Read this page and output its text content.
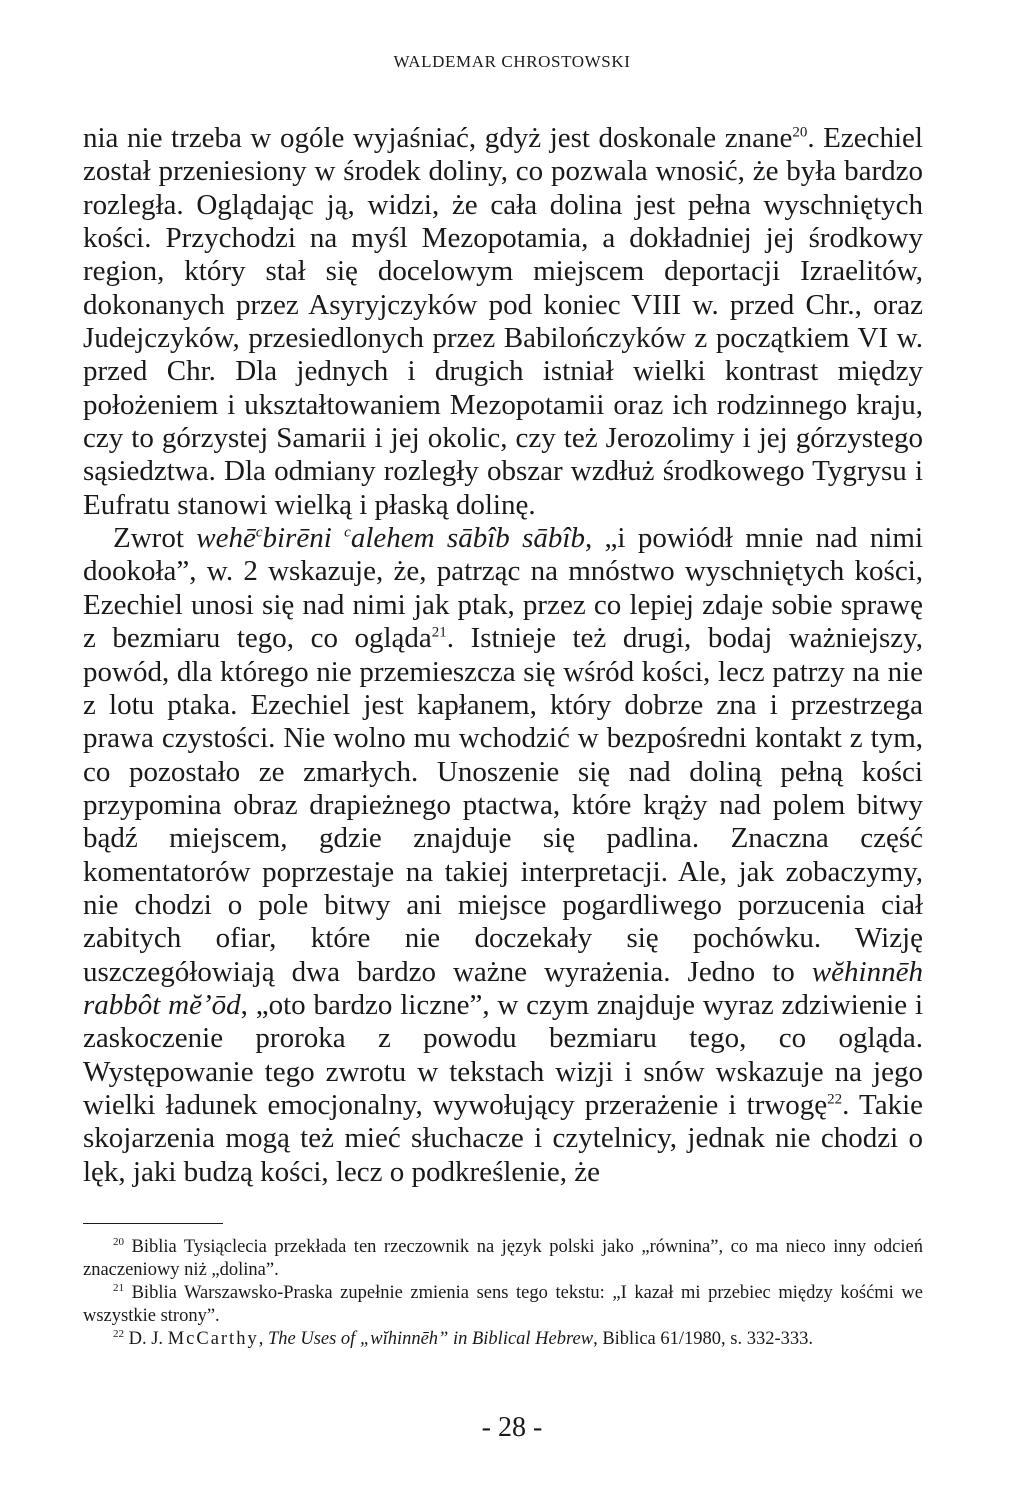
WALDEMAR CHROSTOWSKI

nia nie trzeba w ogóle wyjaśniać, gdyż jest doskonale znane$^{20}$. Ezechiel został przeniesiony w środek doliny, co pozwala wnosić, że była bardzo rozległa. Oglądając ją, widzi, że cała dolina jest pełna wyschniętych kości. Przychodzi na myśl Mezopotamia, a dokładniej jej środkowy region, który stał się docelowym miejscem deportacji Izraelitów, dokonanych przez Asyryjczyków pod koniec VIII w. przed Chr., oraz Judejczyków, przesiedlonych przez Babilończyków z początkiem VI w. przed Chr. Dla jednych i drugich istniał wielki kontrast między położeniem i ukształtowaniem Mezopotamii oraz ich rodzinnego kraju, czy to górzystej Samarii i jej okolic, czy też Jerozolimy i jej górzystego sąsiedztwa. Dla odmiany rozległy obszar wzdłuż środkowego Tygrysu i Eufratu stanowi wielką i płaską dolinę.

Zwrot wehē$^c$birēni $^c$alehem sābîb sābîb, „i powiódł mnie nad nimi dookoła”, w. 2 wskazuje, że, patrząc na mnóstwo wyschniętych kości, Ezechiel unosi się nad nimi jak ptak, przez co lepiej zdaje sobie sprawę z bezmiaru tego, co ogląda$^{21}$. Istnieje też drugi, bodaj ważniejszy, powód, dla którego nie przemieszcza się wśród kości, lecz patrzy na nie z lotu ptaka. Ezechiel jest kapłanem, który dobrze zna i przestrzega prawa czystości. Nie wolno mu wchodzić w bezpośredni kontakt z tym, co pozostało ze zmarłych. Unoszenie się nad doliną pełną kości przypomina obraz drapieżnego ptactwa, które krąży nad polem bitwy bądź miejscem, gdzie znajduje się padlina. Znaczna część komentatorów poprzestaje na takiej interpretacji. Ale, jak zobaczymy, nie chodzi o pole bitwy ani miejsce pogardliwego porzucenia ciał zabitych ofiar, które nie doczekały się pochówku. Wizję uszczegółowiają dwa bardzo ważne wyrażenia. Jedno to wĕhinnēh rabbôt mĕ’ōd, „oto bardzo liczne”, w czym znajduje wyraz zdziwienie i zaskoczenie proroka z powodu bezmiaru tego, co ogląda. Występowanie tego zwrotu w tekstach wizji i snów wskazuje na jego wielki ładunek emocjonalny, wywołujący przerażenie i trwogę$^{22}$. Takie skojarzenia mogą też mieć słuchacze i czytelnicy, jednak nie chodzi o lęk, jaki budzą kości, lecz o podkreślenie, że

$^{20}$ Biblia Tysiąclecia przekłada ten rzeczownik na język polski jako „równina”, co ma nieco inny odcień znaczeniowy niż „dolina”.

$^{21}$ Biblia Warszawsko-Praska zupełnie zmienia sens tego tekstu: „I kazał mi przebiec między kośćmi we wszystkie strony”.

$^{22}$ D. J. McCarthy, The Uses of „wĭhinnēh” in Biblical Hebrew, Biblica 61/1980, s. 332-333.

- 28 -
